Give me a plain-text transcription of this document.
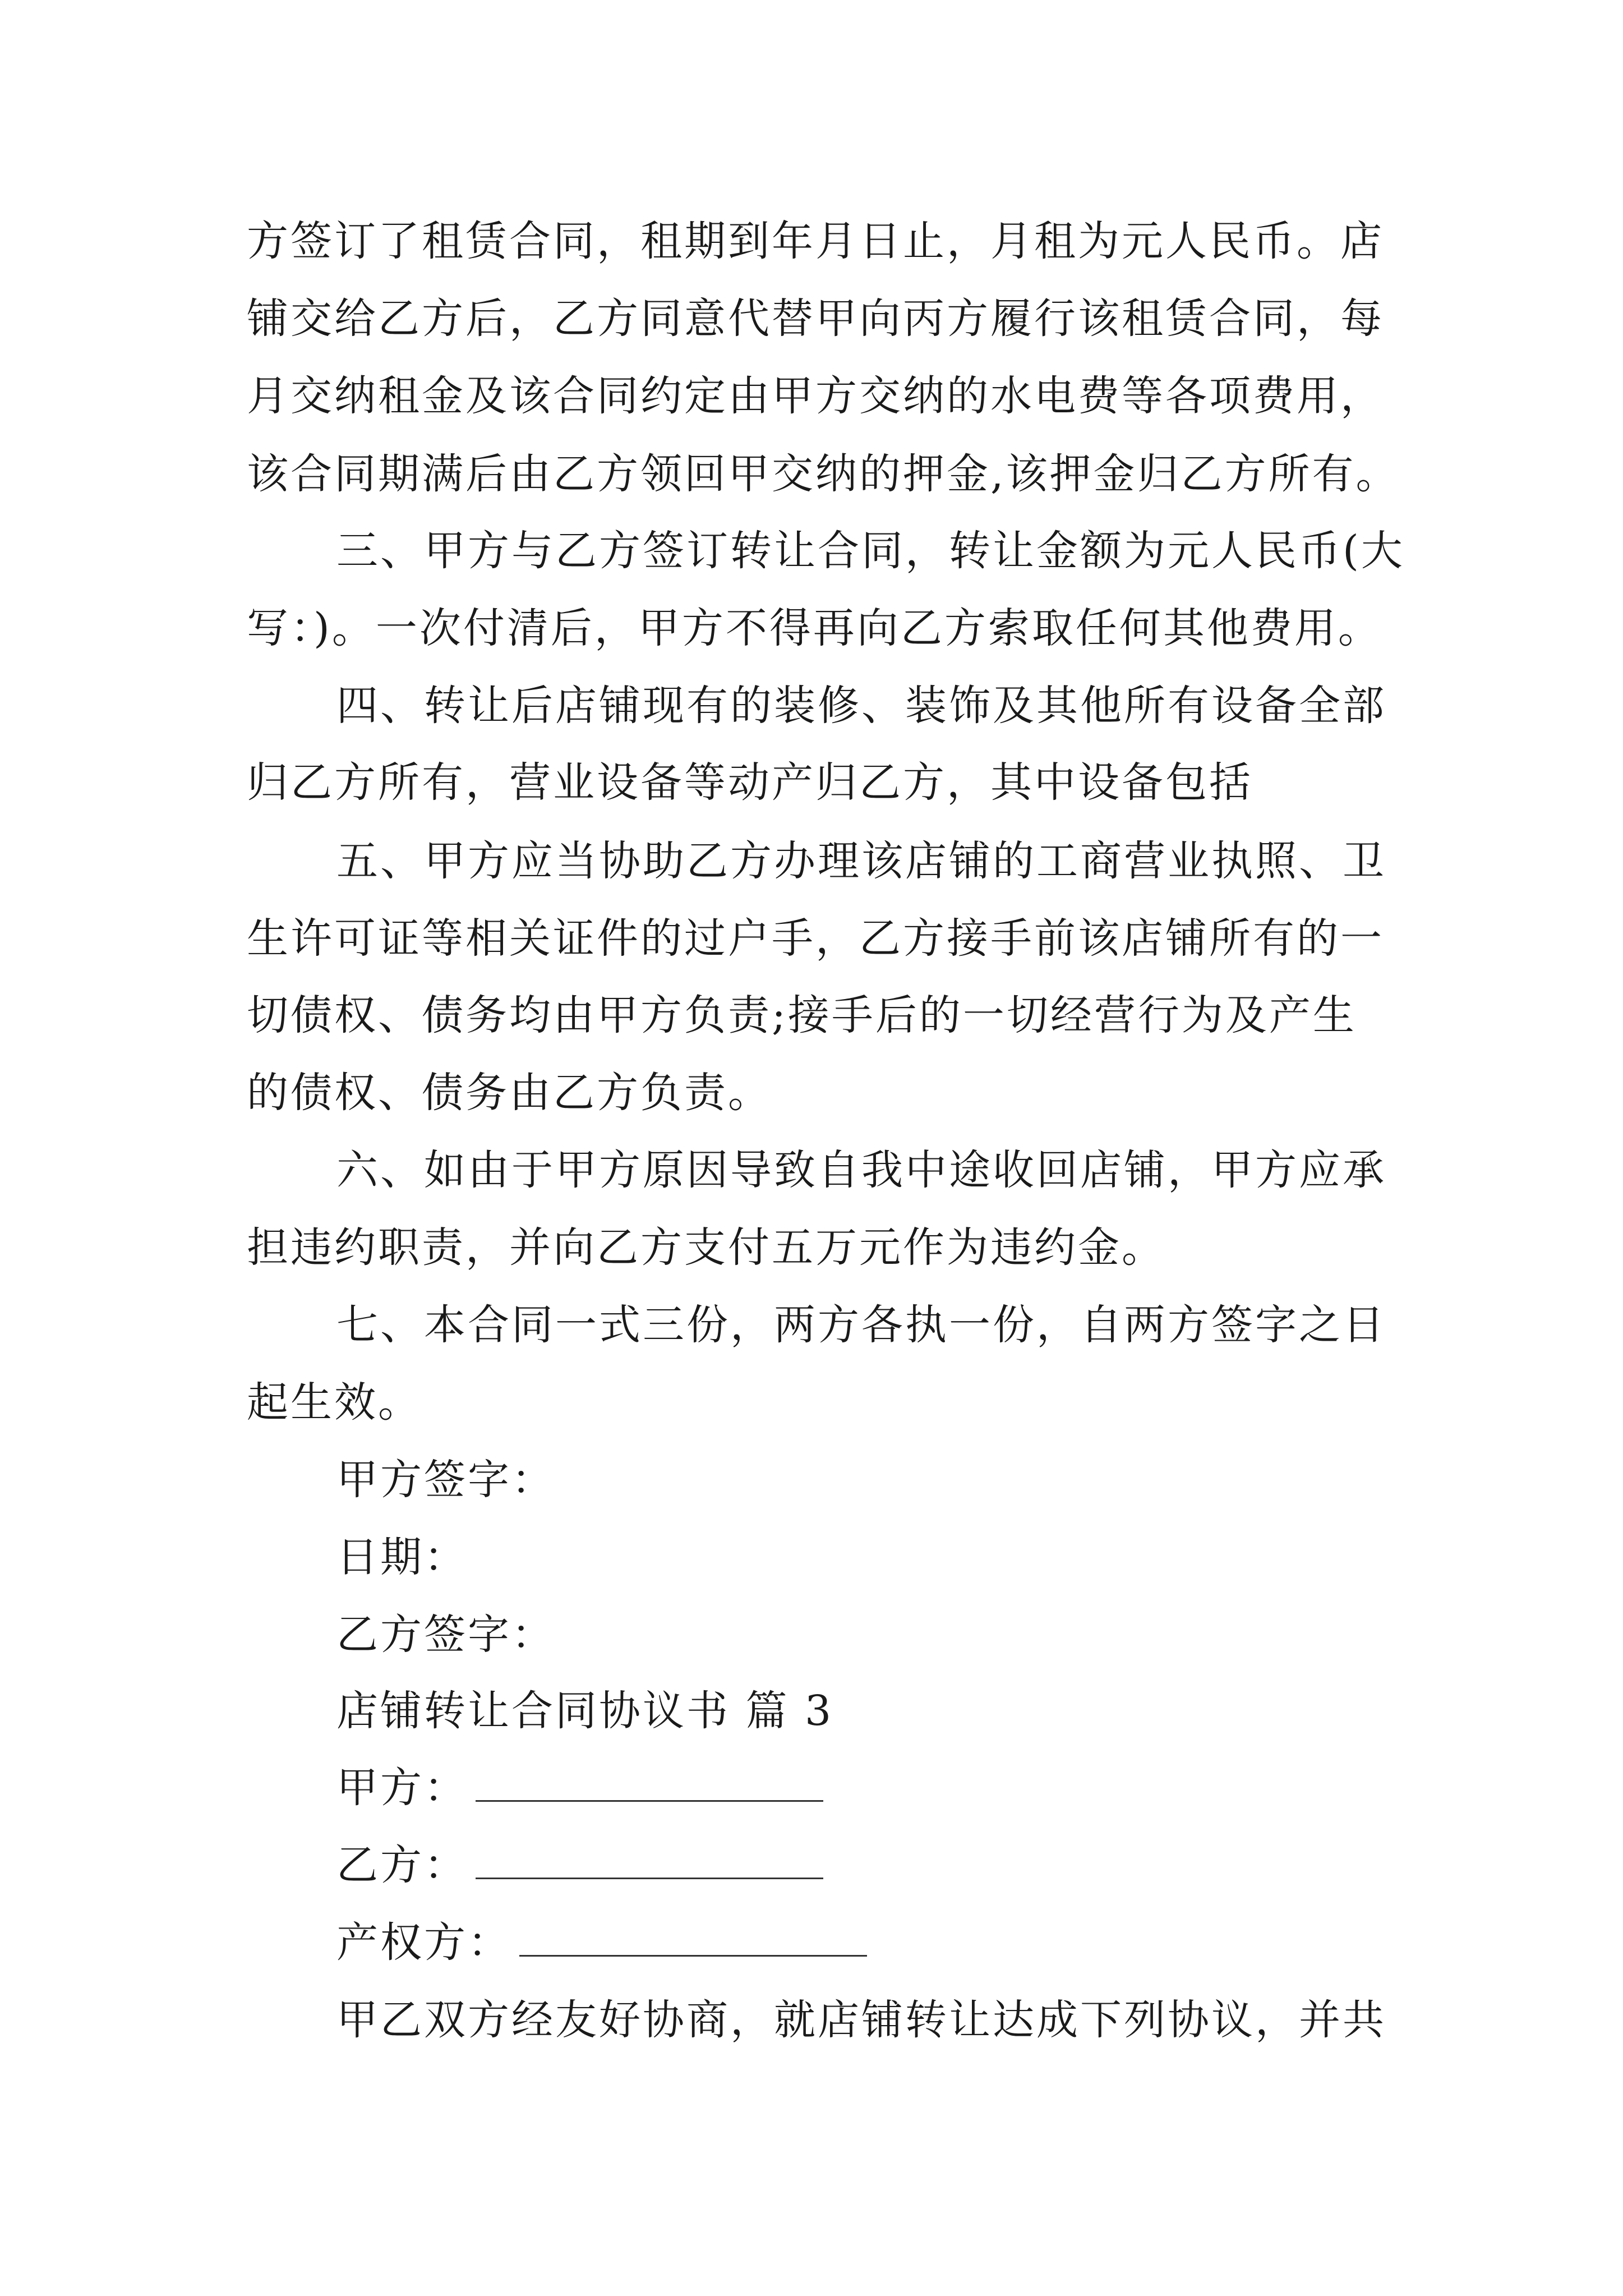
方签订了租赁合同，租期到年月日止，月租为元人民币。店
铺交给乙方后，乙方同意代替甲向丙方履行该租赁合同，每
月交纳租金及该合同约定由甲方交纳的水电费等各项费用，
该合同期满后由乙方领回甲交纳的押金,该押金归乙方所有。
三、甲方与乙方签订转让合同，转让金额为元人民币(大
写：)。一次付清后，甲方不得再向乙方索取任何其他费用。
四、转让后店铺现有的装修、装饰及其他所有设备全部
归乙方所有，营业设备等动产归乙方，其中设备包括
五、甲方应当协助乙方办理该店铺的工商营业执照、卫
生许可证等相关证件的过户手，乙方接手前该店铺所有的一
切债权、债务均由甲方负责;接手后的一切经营行为及产生
的债权、债务由乙方负责。
六、如由于甲方原因导致自我中途收回店铺，甲方应承
担违约职责，并向乙方支付五万元作为违约金。
七、本合同一式三份，两方各执一份，自两方签字之日
起生效。
甲方签字：
日期：
乙方签字：
店铺转让合同协议书 篇 3
甲方：
乙方：
产权方：
甲乙双方经友好协商，就店铺转让达成下列协议，并共
